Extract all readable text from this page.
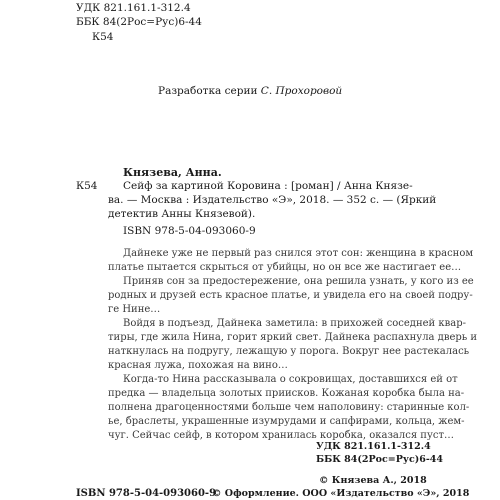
УДК 821.161.1-312.4
ББК 84(2Рос=Рус)6-44
К54
Разработка серии С. Прохоровой
Князева, Анна.
К54 Сейф за картиной Коровина : [роман] / Анна Князе-
ва. — Москва : Издательство «Э», 2018. — 352 с. — (Яркий
детектив Анны Князевой).
ISBN 978-5-04-093060-9
Дайнеке уже не первый раз снился этот сон: женщина в красном
платье пытается скрыться от убийцы, но он все же настигает ее…
Приняв сон за предостережение, она решила узнать, у кого из ее
родных и друзей есть красное платье, и увидела его на своей подру-
ге Нине…
Войдя в подъезд, Дайнека заметила: в прихожей соседней квар-
тиры, где жила Нина, горит яркий свет. Дайнека распахнула дверь и
наткнулась на подругу, лежащую у порога. Вокруг нее растекалась
красная лужа, похожая на вино…
Когда-то Нина рассказывала о сокровищах, доставшихся ей от
предка — владельца золотых приисков. Кожаная коробка была на-
полнена драгоценностями больше чем наполовину: старинные кол-
ье, браслеты, украшенные изумрудами и сапфирами, кольца, жем-
чуг. Сейчас сейф, в котором хранилась коробка, оказался пуст…
УДК 821.161.1-312.4
ББК 84(2Рос=Рус)6-44
© Князева А., 2018
© Оформление. ООО «Издательство «Э», 2018
ISBN 978-5-04-093060-9
